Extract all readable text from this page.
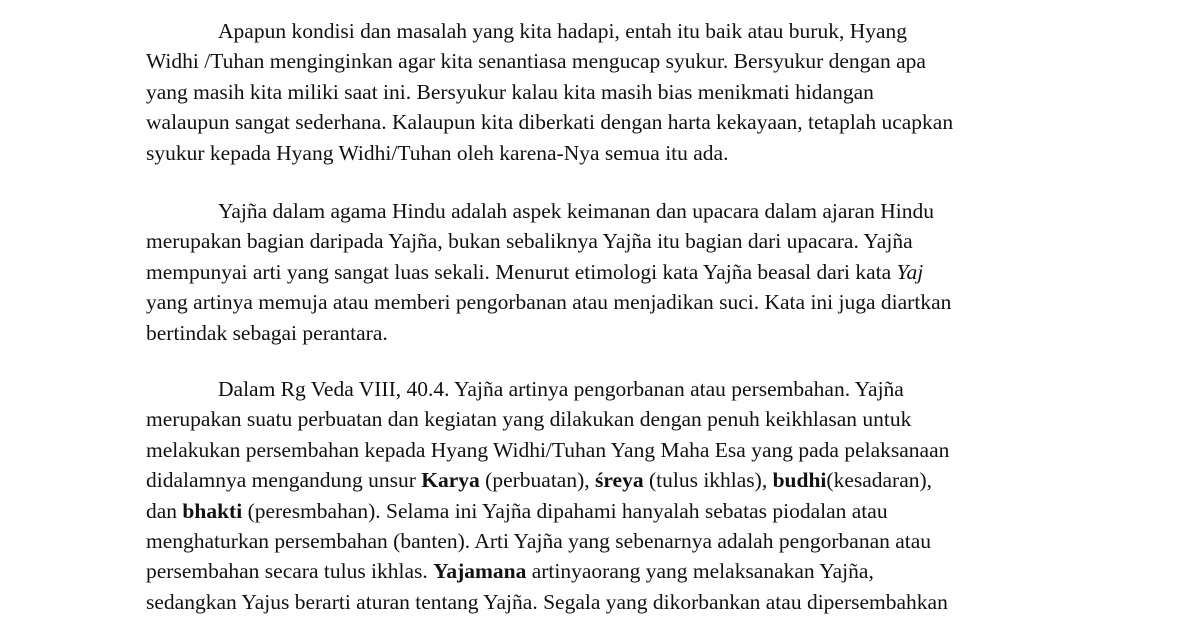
Apapun kondisi dan masalah yang kita hadapi, entah itu baik atau buruk, Hyang
Widhi /Tuhan menginginkan agar kita senantiasa mengucap syukur. Bersyukur dengan apa
yang masih kita miliki saat ini. Bersyukur kalau kita masih bias menikmati hidangan
walaupun sangat sederhana. Kalaupun kita diberkati dengan harta kekayaan, tetaplah ucapkan
syukur kepada Hyang Widhi/Tuhan oleh karena-Nya semua itu ada.
Yajña dalam agama Hindu adalah aspek keimanan dan upacara dalam ajaran Hindu
merupakan bagian daripada Yajña, bukan sebaliknya Yajña itu bagian dari upacara. Yajña
mempunyai arti yang sangat luas sekali. Menurut etimologi kata Yajña beasal dari kata Yaj
yang artinya memuja atau memberi pengorbanan atau menjadikan suci. Kata ini juga diartkan
bertindak sebagai perantara.
Dalam Rg Veda VIII, 40.4. Yajña artinya pengorbanan atau persembahan. Yajña
merupakan suatu perbuatan dan kegiatan yang dilakukan dengan penuh keikhlasan untuk
melakukan persembahan kepada Hyang Widhi/Tuhan Yang Maha Esa yang pada pelaksanaan
didalamnya mengandung unsur Karya (perbuatan), śreya (tulus ikhlas), budhi(kesadaran),
dan bhakti (peresmbahan). Selama ini Yajña dipahami hanyalah sebatas piodalan atau
menghaturkan persembahan (banten). Arti Yajña yang sebenarnya adalah pengorbanan atau
persembahan secara tulus ikhlas. Yajamana artinyaorang yang melaksanakan Yajña,
sedangkan Yajus berarti aturan tentang Yajña. Segala yang dikorbankan atau dipersembahkan
